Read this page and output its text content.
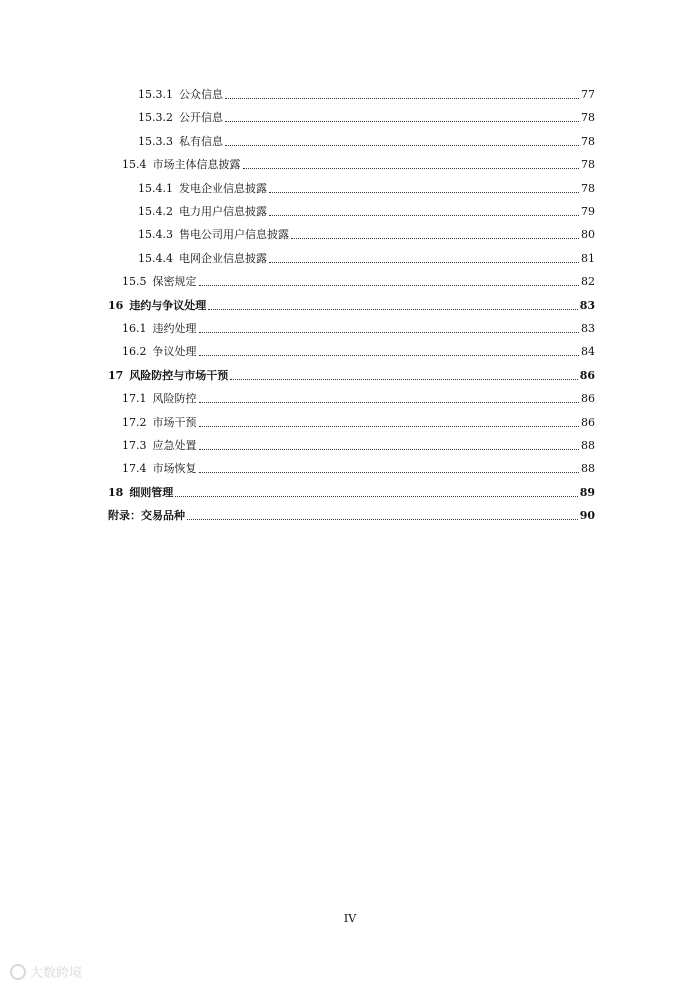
15.3.1 公众信息	77
15.3.2 公开信息	78
15.3.3 私有信息	78
15.4 市场主体信息披露	78
15.4.1 发电企业信息披露	78
15.4.2 电力用户信息披露	79
15.4.3 售电公司用户信息披露	80
15.4.4 电网企业信息披露	81
15.5 保密规定	82
16 违约与争议处理	83
16.1 违约处理	83
16.2 争议处理	84
17 风险防控与市场干预	86
17.1 风险防控	86
17.2 市场干预	86
17.3 应急处置	88
17.4 市场恢复	88
18 细则管理	89
附录：交易品种	90
IV
大数跨境
